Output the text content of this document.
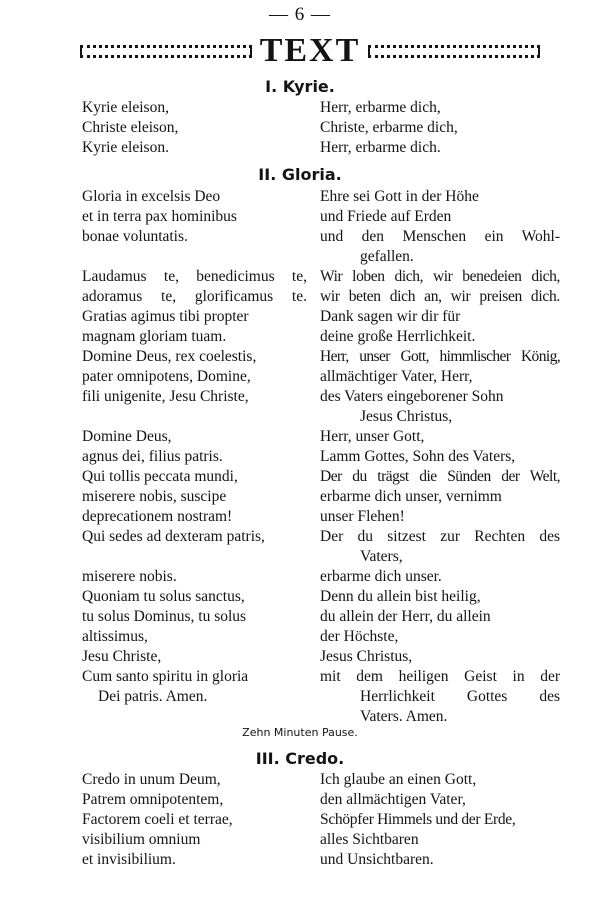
— 6 —
TEXT
I. Kyrie.
Kyrie eleison,
Christe eleison,
Kyrie eleison.
Herr, erbarme dich,
Christe, erbarme dich,
Herr, erbarme dich.
II. Gloria.
Gloria in excelsis Deo
et in terra pax hominibus
bonae voluntatis.
Laudamus te, benedicimus te,
adoramus te, glorificamus te.
Gratias agimus tibi propter
magnam gloriam tuam.
Domine Deus, rex coelestis,
pater omnipotens, Domine,
fili unigenite, Jesu Christe,
Domine Deus,
agnus dei, filius patris.
Qui tollis peccata mundi,
miserere nobis, suscipe
deprecationem nostram!
Qui sedes ad dexteram patris,
miserere nobis.
Quoniam tu solus sanctus,
tu solus Dominus, tu solus
altissimus,
Jesu Christe,
Cum santo spiritu in gloria
Dei patris. Amen.
Ehre sei Gott in der Höhe
und Friede auf Erden
und den Menschen ein Wohl-
gefallen.
Wir loben dich, wir benedeien dich,
wir beten dich an, wir preisen dich.
Dank sagen wir dir für
deine große Herrlichkeit.
Herr, unser Gott, himmlischer König,
allmächtiger Vater, Herr,
des Vaters eingeborener Sohn
Jesus Christus,
Herr, unser Gott,
Lamm Gottes, Sohn des Vaters,
Der du trägst die Sünden der Welt,
erbarme dich unser, vernimm
unser Flehen!
Der du sitzest zur Rechten des
Vaters,
erbarme dich unser.
Denn du allein bist heilig,
du allein der Herr, du allein
der Höchste,
Jesus Christus,
mit dem heiligen Geist in der
Herrlichkeit Gottes des
Vaters. Amen.
Zehn Minuten Pause.
III. Credo.
Credo in unum Deum,
Patrem omnipotentem,
Factorem coeli et terrae,
visibilium omnium
et invisibilium.
Ich glaube an einen Gott,
den allmächtigen Vater,
Schöpfer Himmels und der Erde,
alles Sichtbaren
und Unsichtbaren.
